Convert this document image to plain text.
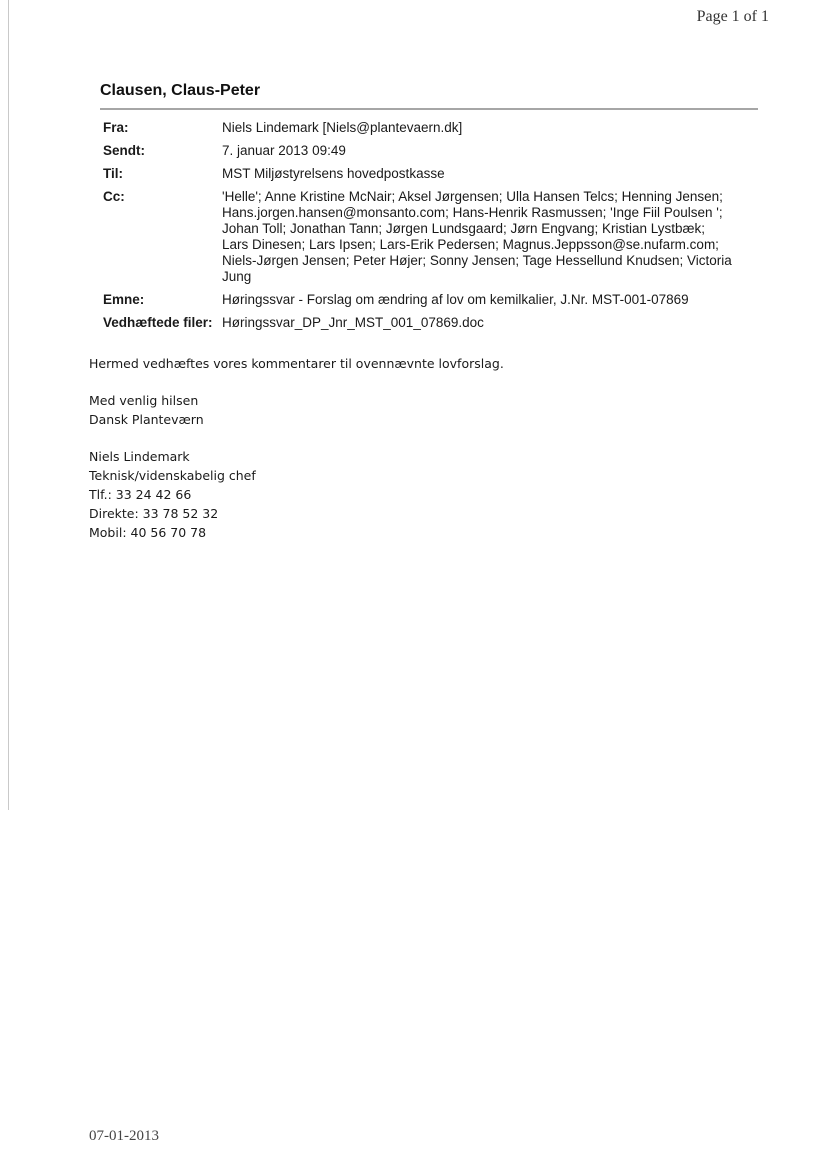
Page 1 of 1
Clausen, Claus-Peter
Fra:	Niels Lindemark [Niels@plantevaern.dk]
Sendt:	7. januar 2013 09:49
Til:	MST Miljøstyrelsens hovedpostkasse
Cc:	'Helle'; Anne Kristine McNair; Aksel Jørgensen; Ulla Hansen Telcs; Henning Jensen;
Hans.jorgen.hansen@monsanto.com; Hans-Henrik Rasmussen; 'Inge Fiil Poulsen ';
Johan Toll; Jonathan Tann; Jørgen Lundsgaard; Jørn Engvang; Kristian Lystbæk;
Lars Dinesen; Lars Ipsen; Lars-Erik Pedersen; Magnus.Jeppsson@se.nufarm.com;
Niels-Jørgen Jensen; Peter Højer; Sonny Jensen; Tage Hessellund Knudsen; Victoria
Jung
Emne:	Høringssvar - Forslag om ændring af lov om kemilkalier, J.Nr. MST-001-07869
Vedhæftede filer: Høringssvar_DP_Jnr_MST_001_07869.doc

Hermed vedhæftes vores kommentarer til ovennævnte lovforslag.

Med venlig hilsen

Dansk Planteværn

Niels Lindemark

Teknisk/videnskabelig chef

Tlf.: 33 24 42 66

Direkte: 33 78 52 32

Mobil: 40 56 70 78

07-01-2013
